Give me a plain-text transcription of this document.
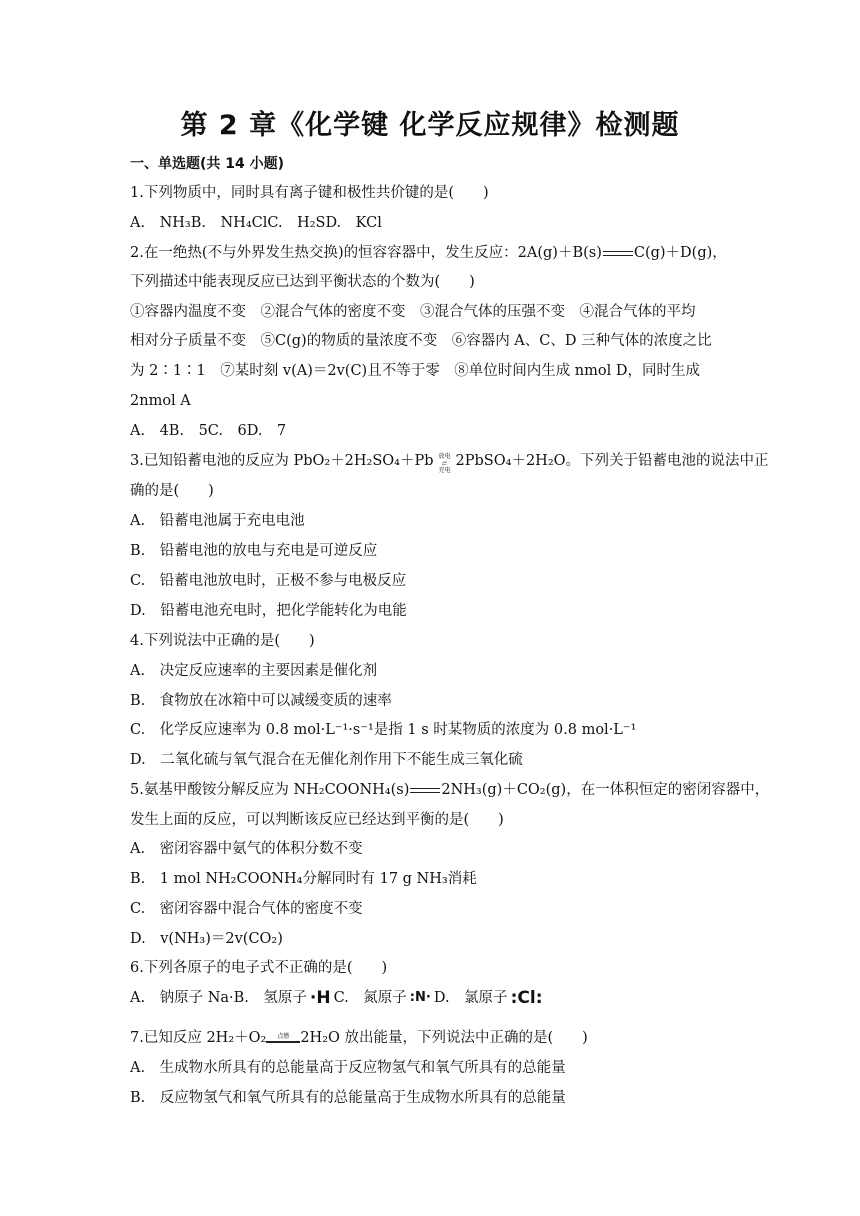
第 2 章《化学键 化学反应规律》检测题
一、单选题(共 14 小题)
1.下列物质中，同时具有离子键和极性共价键的是(　　)
A.　NH₃B.　NH₄ClC.　H₂SD.　KCl
2.在一绝热(不与外界发生热交换)的恒容容器中，发生反应：2A(g)＋B(s) C(g)＋D(g)，
下列描述中能表现反应已达到平衡状态的个数为(　　)
①容器内温度不变　②混合气体的密度不变　③混合气体的压强不变　④混合气体的平均
相对分子质量不变　⑤C(g)的物质的量浓度不变　⑥容器内 A、C、D 三种气体的浓度之比
为 2∶1∶1　⑦某时刻 v(A)＝2v(C)且不等于零　⑧单位时间内生成 nmol D，同时生成
2nmol A
A.　4B.　5C.　6D.　7
3.已知铅蓄电池的反应为 PbO₂＋2H₂SO₄＋Pb 放电
⇄
充电2PbSO₄＋2H₂O。下列关于铅蓄电池的说法中正
确的是(　　)
A.　铅蓄电池属于充电电池
B.　铅蓄电池的放电与充电是可逆反应
C.　铅蓄电池放电时，正极不参与电极反应
D.　铅蓄电池充电时，把化学能转化为电能
4.下列说法中正确的是(　　)
A.　决定反应速率的主要因素是催化剂
B.　食物放在冰箱中可以减缓变质的速率
C.　化学反应速率为 0.8 mol·L⁻¹·s⁻¹是指 1 s 时某物质的浓度为 0.8 mol·L⁻¹
D.　二氧化硫与氧气混合在无催化剂作用下不能生成三氧化硫
5.氨基甲酸铵分解反应为 NH₂COONH₄(s) 2NH₃(g)＋CO₂(g)，在一体积恒定的密闭容器中，
发生上面的反应，可以判断该反应已经达到平衡的是(　　)
A.　密闭容器中氨气的体积分数不变
B.　1 mol NH₂COONH₄分解同时有 17 g NH₃消耗
C.　密闭容器中混合气体的密度不变
D.　v(NH₃)＝2v(CO₂)
6.下列各原子的电子式不正确的是(　　)
A.　钠原子 Na·B.　氢原子 ·H C.　氮原子 :N· D.　氯原子 :Cl:
7.已知反应 2H₂＋O₂ 点燃 2H₂O 放出能量，下列说法中正确的是(　　)
A.　生成物水所具有的总能量高于反应物氢气和氧气所具有的总能量
B.　反应物氢气和氧气所具有的总能量高于生成物水所具有的总能量
